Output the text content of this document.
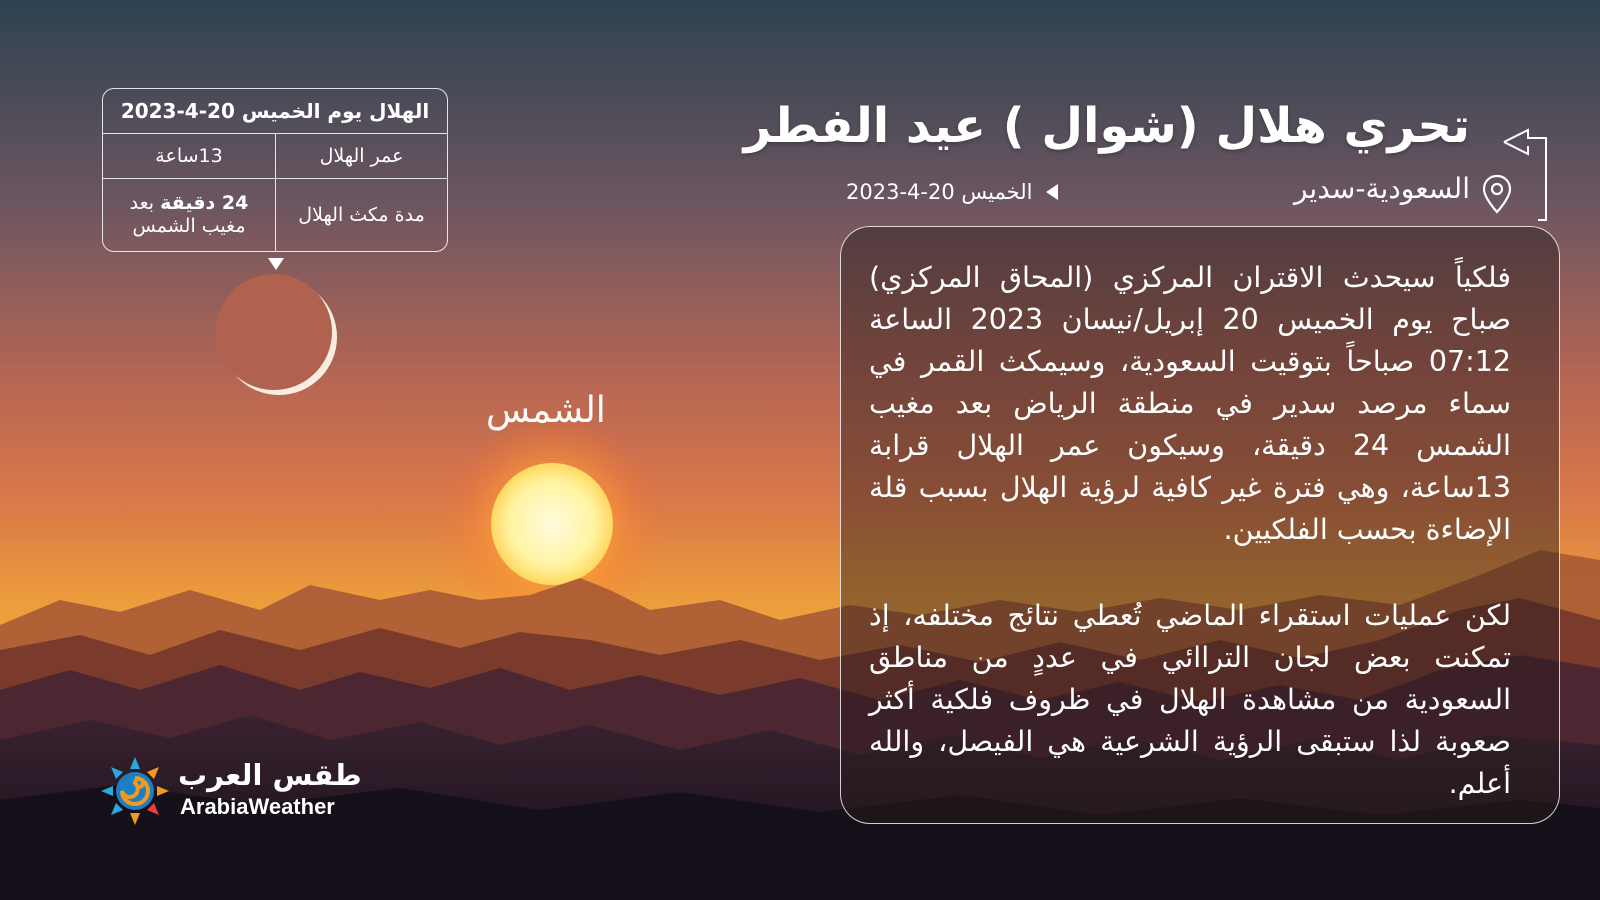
تحري هلال (شوال ) عيد الفطر
السعودية-سدير
الخميس 20-4-2023

فلكياً سيحدث الاقتران المركزي (المحاق المركزي) صباح يوم الخميس 20 إبريل/نيسان 2023 الساعة 07:12 صباحاً بتوقيت السعودية، وسيمكث القمر في سماء مرصد سدير في منطقة الرياض بعد مغيب الشمس 24 دقيقة، وسيكون عمر الهلال قرابة 13ساعة، وهي فترة غير كافية لرؤية الهلال بسبب قلة الإضاءة بحسب الفلكيين.

لكن عمليات استقراء الماضي تُعطي نتائج مختلفه، إذ تمكنت بعض لجان التراائي في عددٍ من مناطق السعودية من مشاهدة الهلال في ظروف فلكية أكثر صعوبة لذا ستبقى الرؤية الشرعية هي الفيصل، والله أعلم.

الهلال يوم الخميس 20-4-2023
عمر الهلال
13ساعة
مدة مكث الهلال
24 دقيقة بعد
مغيب الشمس
الشمس
طقس العرب
ArabiaWeather
